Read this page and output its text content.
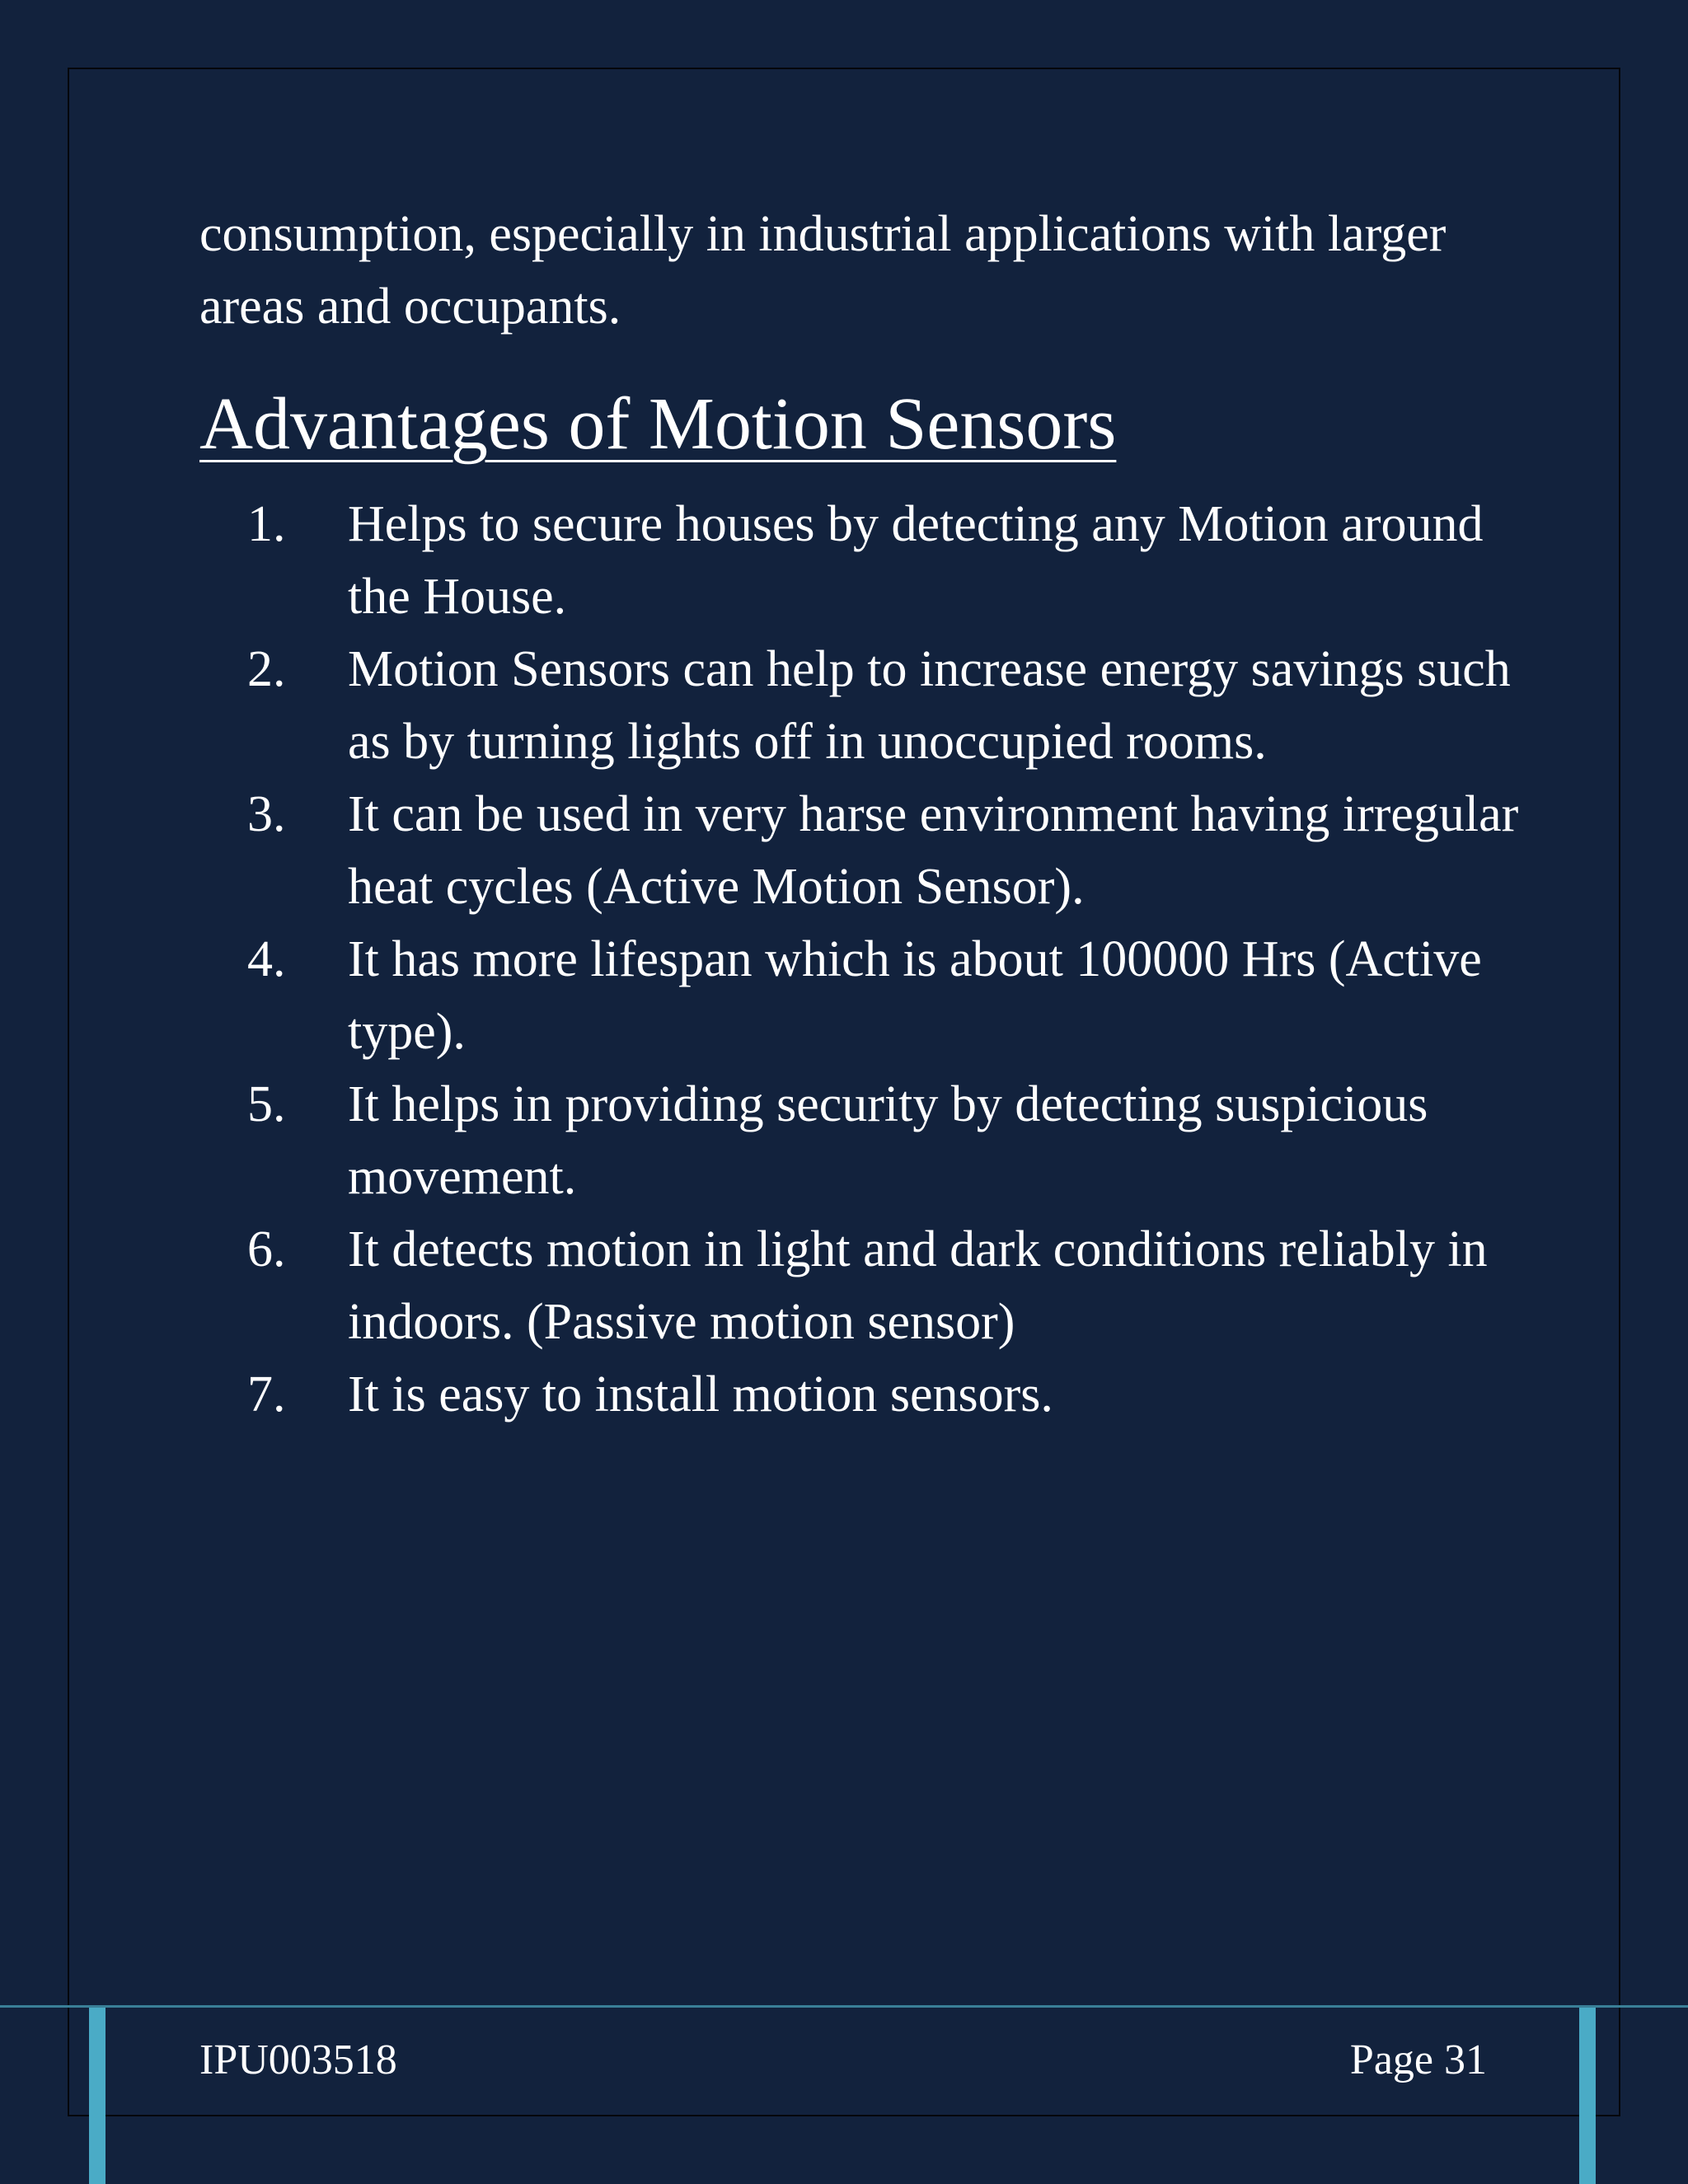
consumption, especially in industrial applications with larger areas and occupants.

Advantages of Motion Sensors
1.	Helps to secure houses by detecting any Motion around the House.
2.	Motion Sensors can help to increase energy savings such as by turning lights off in unoccupied rooms.
3.	It can be used in very harse environment having irregular heat cycles (Active Motion Sensor).
4.	It has more lifespan which is about 100000 Hrs (Active type).
5.	It helps in providing security by detecting suspicious movement.
6.	It detects motion in light and dark conditions reliably in indoors. (Passive motion sensor)
7.	It is easy to install motion sensors.
IPU003518	Page 31
